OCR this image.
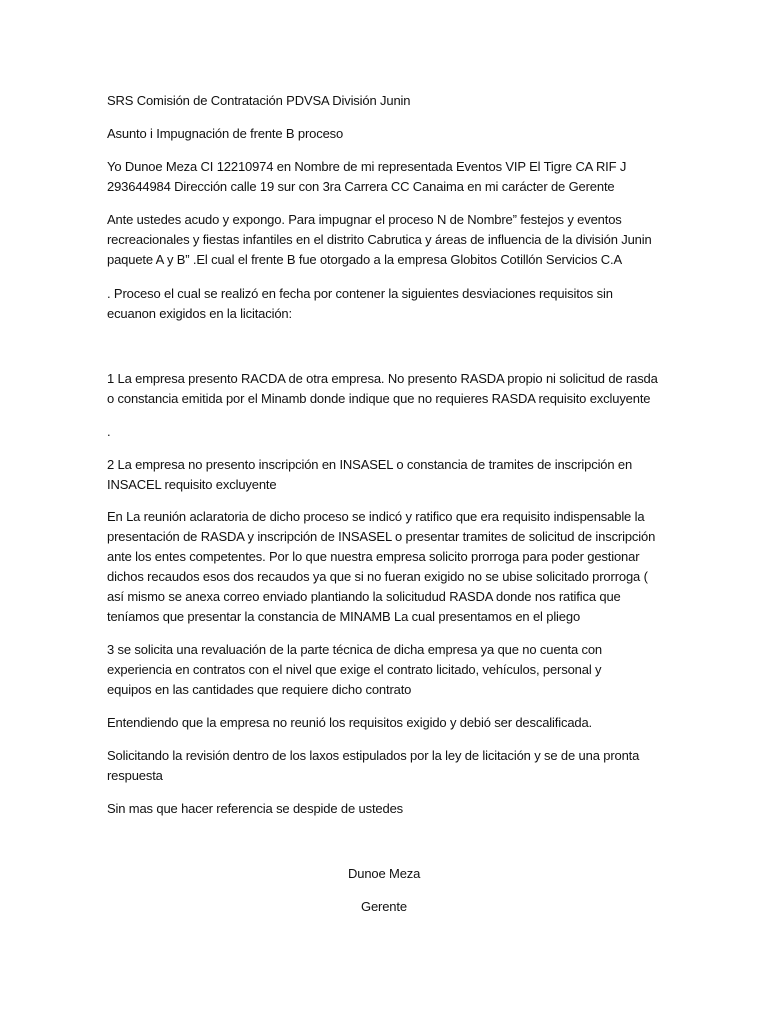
SRS Comisión de Contratación PDVSA División Junin
Asunto i Impugnación de frente B proceso
Yo Dunoe Meza CI 12210974 en Nombre de mi representada Eventos VIP El Tigre CA RIF J
293644984 Dirección calle 19 sur con 3ra Carrera CC Canaima en mi carácter de Gerente
Ante ustedes acudo y expongo. Para impugnar el proceso N de Nombre” festejos y eventos
recreacionales y fiestas infantiles en el distrito Cabrutica y áreas de influencia de la división Junin
paquete A y B” .El cual el frente B fue otorgado a la empresa Globitos Cotillón Servicios C.A
. Proceso el cual se realizó en fecha por contener la siguientes desviaciones requisitos sin
ecuanon exigidos en la licitación:
1 La empresa presento RACDA de otra empresa. No presento RASDA propio ni solicitud de rasda
o constancia emitida por el Minamb donde indique que no requieres RASDA requisito excluyente
.
2 La empresa no presento inscripción en INSASEL o constancia de tramites de inscripción en
INSACEL requisito excluyente
En La reunión aclaratoria de dicho proceso se indicó y ratifico que era requisito indispensable la
presentación de RASDA y inscripción de INSASEL o presentar tramites de solicitud de inscripción
ante los entes competentes. Por lo que nuestra empresa solicito prorroga para poder gestionar
dichos recaudos esos dos recaudos ya que si no fueran exigido no se ubise solicitado prorroga (
así mismo se anexa correo enviado plantiando la solicitudud RASDA donde nos ratifica que
teníamos que presentar la constancia de MINAMB La cual presentamos en el pliego
3 se solicita una revaluación de la parte técnica de dicha empresa ya que no cuenta con
experiencia en contratos con el nivel que exige el contrato licitado, vehículos, personal y
equipos en las cantidades que requiere dicho contrato
Entendiendo que la empresa no reunió los requisitos exigido y debió ser descalificada.
Solicitando la revisión dentro de los laxos estipulados por la ley de licitación y se de una pronta
respuesta
Sin mas que hacer referencia se despide de ustedes
Dunoe Meza
Gerente
